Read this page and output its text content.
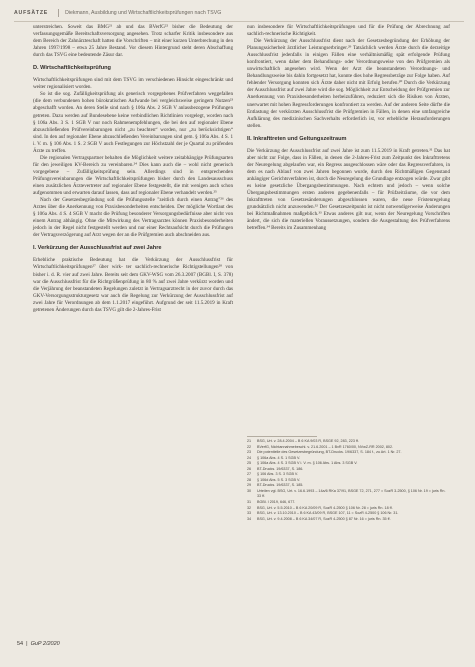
AUFSÄTZE	Diekmann, Ausbildung und Wirtschaftlichkeitsprüfungen nach TSVG

unterstreichen. Soweit das BMG²¹ ab und das BVerfG²² bisher die Bedeutung der verfassungsgemäße Bereitschaftsversorgung angesehen. Trotz scharfer Kritik insbesondere aus dem Bereich der Zahnärzteschaft hatten die Vorschriften – mit einer kurzen Unterbrechung in den Jahren 1997/1998 – etwa 25 Jahre Bestand. Vor diesem Hintergrund steht deren Abschaffung durch das TSVG eine bedeutende Zäsur dar.

D. Wirtschaftlichkeitsprüfung

Wirtschaftlichkeitsprüfungen sind mit dem TSVG im verschiedenen Hinsicht eingeschränkt und weiter regionalisiert worden.

So ist die sog. Zufälligkeitsprüfung als generisch vorgegebenes Prüfverfahren weggefallen (die dem verbundenen hohen bürokratischen Aufwande bei vergleichsweise geringem Nutzen²³ abgeschafft worden. An deren Stelle sind nach § 106a Abs. 2 SGB V anlassbezogene Prüfungen getreten. Dazu werden auf Bundesebene keine verbindlichen Richtlinien vorgelegt, worden nach § 106a Abs. 3 S. 1 SGB V nur noch Rahmenempfehlungen, die bei den auf regionaler Ebene abzuschließenden Prüfvereinbarungen nicht „zu beachten“ worden, nur „zu berücksichtigen“ sind. In den auf regionaler Ebene abzuschließenden Vereinbarungen sind gem. § 106a Abs. 4 S. 1 i. V. m. § 106 Abs. 1 S. 2 SGB V auch Festlegungen zur Höchstzahl der je Quartal zu prüfenden Ärzte zu treffen.

Die regionalen Vertragspartner behalten die Möglichkeit weitere zeitabhängige Prüfungsarten für den jeweiligen KV-Bereich zu vereinbaren.²⁴ Dies kann auch die – wohl nicht generisch vorgegebene – Zufälligkeitsprüfung sein. Allerdings sind in entsprechenden Prüfungsvereinbarungen die Wirtschaftlichkeitsprüfungen bisher durch den Landesausschuss einen zusätzlichen Ärztevertreter auf regionaler Ebene festgestellt, die mit wenigen auch schon aufgenommen und erwarten darauf lassen, dass auf regionaler Ebene verhandelt werden.²⁵

Nach der Gesetzesbegründung soll die Prüfungsstelle "zeitlich durch einen Antrag"²⁶ des Arztes über die Anerkennung von Praxisbesonderheiten entscheiden. Der mögliche Wortlaut des § 106a Abs. 4 S. 4 SGB V macht die Prüfung besonderer Versorgungsbedürfnisse aber nicht von einem Antrag abhängig. Ohne die Mitwirkung des Vertragsarztes können Praxisbesonderheiten jedoch in der Regel nicht festgestellt werden und nur einer Rechtsaufsicht durch die Prüfungen der Vertragsverzögerung auf Arzt wegen der an die Prüfgremien auch abschneiden aus.

I. Verkürzung der Ausschlussfrist auf zwei Jahre

Erhebliche praktische Bedeutung hat die Verkürzung der Ausschlussfrist für Wirtschaftlichkeitsprüfungen²⁷ über wirk- ter sachlich-rechnerische Richtigstellungen²⁸ von bisher i. d. R. vier auf zwei Jahre. Bereits seit dem GKV-WSG vom 26.3.2007 (BGBl. I, S. 378) war die Ausschlussfrist für die Richtgrößenprüfung in 80 % auf zwei Jahre verkürzt worden und die Verjährung der beanstandeten Regelungen zuletzt in Vertragsarztrecht in der zuvor durch das GKV-Versorgungsstrukturgesetz war auch die Regelung zur Verkürzung der Ausschlussfrist auf zwei Jahre für Verordnungen ab dem 1.1.2017 eingeführt. Aufgrund der seit 11.5.2019 in Kraft getretenen Änderungen durch das TSVG gilt die 2-Jahres-Frist

nun insbesondere für Wirtschaftlichkeitsprüfungen und für die Prüfung der Abrechnung auf sachlich-rechnerische Richtigkeit.

Die Verkürzung der Ausschlussfrist dient nach der Gesetzesbegründung der Erhöhung der Planungssicherheit ärztlicher Leistungserbringer.²⁹ Tatsächlich werden Ärzte durch die derzeitige Ausschlussfrist jedenfalls in einigen Fällen eine verhältnismäßig spät erfolgende Prüfung konfrontiert, wenn daher dem Behandlungs- oder Verordnungsweise von den Prüfgremien als unwirtschaftlich angesehen wird. Wenn der Arzt die beanstandeten Verordnungs- und Behandlungsweise bis dahin fortgesetzt hat, konnte dies hohe Regressbeträge zur Folge haben. Auf fehlender Versorgung konnten sich Ärzte daher nicht mit Erfolg berufen.³⁰ Durch die Verkürzung der Ausschlussfrist auf zwei Jahre wird die sog. Möglichkeit zur Entscheidung der Prüfgremien zur Anerkennung von Praxisbesonderheiten herbeizuführen, reduziert sich die Risiken von Ärzten, unerwartet mit hohen Regressforderungen konfrontiert zu werden. Auf der anderen Seite dürfte die Entlastung der verkürzten Ausschlussfrist die Prüfgremien in Fällen, in denen eine umfangreiche Aufklärung des medizinischen Sachverhalts erforderlich ist, vor erhebliche Herausforderungen stellen.

II. Inkrafttreten und Geltungszeitraum

Die Verkürzung der Ausschlussfrist auf zwei Jahre ist zum 11.5.2019 in Kraft getreten.³¹ Das hat aber nicht zur Folge, dass in Fällen, in denen die 2-Jahres-Frist zum Zeitpunkt des Inkrafttretens der Neuregelung abgelaufen war, ein Regress ausgeschlossen wäre oder das Regressverfahren, in dem es nach Ablauf von zwei Jahren begonnen wurde, durch den Richtmäßigen Gegenstand anhängiger Gerichtsverfahren ist, durch die Neuregelung die Grundlage entzogen würde. Zwar gibt es keine gesetzliche Übergangsbestimmungen. Nach echtem und jedoch – wenn solche Übergangsbestimmungen ersten anderen gegebenenfalls – für Prüfzeiträume, die vor dem Inkrafttreten von Gesetzesänderungen abgeschlossen waren, die neue Fristenregelung grundsätzlich nicht anzuwenden.³² Der Gesetzeszeitpunkt ist nicht notwendigerweise Änderungen bei Richtmaßnahmen maßgeblich.³³ Etwas anderes gilt nur, wenn der Neuregelung Vorschriften ändert, die sich die materiellen Voraussetzungen, sondern die Ausgestaltung des Prüfverfahrens betreffen.³⁴ Bereits im Zusammenhang

21	BSG, Urt. v. 28.4.2004 – B 6 KA 9/03 R, BSGE 92, 283, 223 ff.
22	BVerfG, Nichtannahmebeschl. v. 21.6.2001 – 1 BvR 1760/00, NVwZ-RR 2002, 802.
23	Die potentielle des Gesetzesbegründung, BT-Drucks. 19/6337, S. 184 f., zu Art. 1 Nr. 27.
24	§ 106a Abs. 4 S. 1 SGB V.
25	§ 106a Abs. 4 S. 3 SGB V i. V. m. § 106 Abs. 1 Abs. 3 SGB V.
26	BT-Drucks. 19/6337, S. 186.
27	§ 106 Abs. 3 S. 3 SGB V.
28	§ 106d Abs. 5 S. 3 SGB V.
29	BT-Drucks. 19/6337, S. 185.
30	Urteilen vgl. BSG, Urt. v. 16.6.1993 – 14a/6 RKa 37/91, BSGE 72, 271, 277 = SozR 3-2500, § 106 Nr. 19 = juris Rn. 33 ff.
31	BGBl. I 2019, 646, 677.
32	BSG, Urt. v. 5.5.2010 – B 6 KA 20/09 R, SozR 4-2500 § 106 Nr. 28 = juris Rn. 18 ff.
33	BSG, Urt. v. 13.10.2010 – B 6 KA 43/09 R, BSGE 107, 11 = SozR 4-2500 § 106 Nr. 31.
34	BSG, Urt. v. 9.4.2008 – B 6 KA 34/07 R, SozR 4-2500 § 87 Nr. 16 = juris Rn. 35 ff.
54 | GuP 2/2020
